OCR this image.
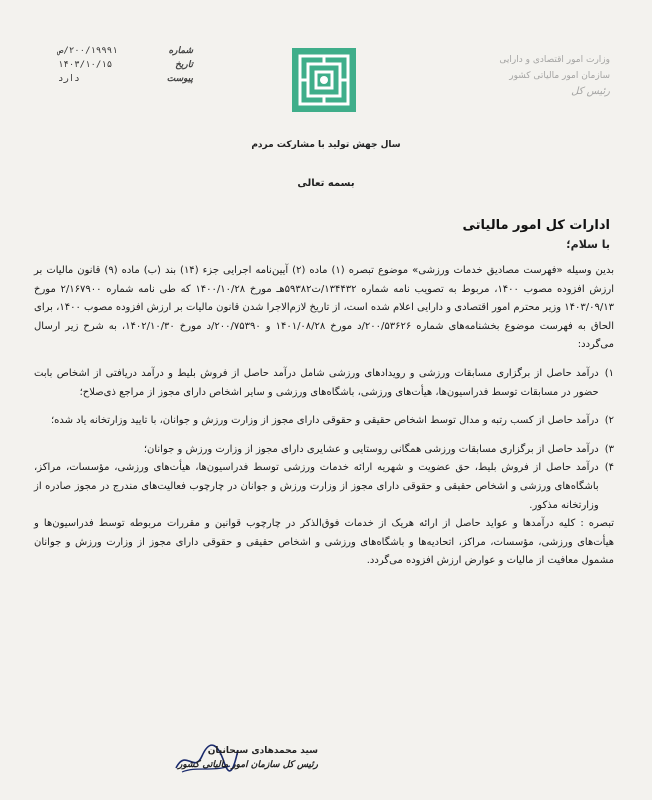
شماره
۲۰۰/۱۹۹۹۱/ص
تاریخ
۱۴۰۳/۱۰/۱۵
پیوست
دارد
وزارت امور اقتصادی و دارایی
سازمان امور مالیاتی کشور
رئیس کل
سال جهش تولید با مشارکت مردم
بسمه تعالی
ادارات کل امور مالیاتی
با سلام؛

بدین وسیله «فهرست مصادیق خدمات ورزشی» موضوع تبصره (۱) ماده (۲) آیین‌نامه اجرایی جزء (۱۴) بند (ب) ماده (۹) قانون مالیات بر ارزش افزوده مصوب ۱۴۰۰، مربوط به تصویب نامه شماره ۱۳۴۴۳۲/ت۵۹۳۸۲هـ مورخ ۱۴۰۰/۱۰/۲۸ که طی نامه شماره ۲/۱۶۷۹۰۰ مورخ ۱۴۰۳/۰۹/۱۳ وزیر محترم امور اقتصادی و دارایی اعلام شده است، از تاریخ لازم‌الاجرا شدن قانون مالیات بر ارزش افزوده مصوب ۱۴۰۰، برای الحاق به فهرست موضوع بخشنامه‌های شماره ۲۰۰/۵۳۶۲۶/د مورخ ۱۴۰۱/۰۸/۲۸ و ۲۰۰/۷۵۳۹۰/د مورخ ۱۴۰۲/۱۰/۳۰، به شرح زیر ارسال می‌گردد:

۱)
درآمد حاصل از برگزاری مسابقات ورزشی و رویدادهای ورزشی شامل درآمد حاصل از فروش بلیط و درآمد دریافتی از اشخاص بابت حضور در مسابقات توسط فدراسیون‌ها، هیأت‌های ورزشی، باشگاه‌های ورزشی و سایر اشخاص دارای مجوز از مراجع ذی‌صلاح؛
۲)
درآمد حاصل از کسب رتبه و مدال توسط اشخاص حقیقی و حقوقی دارای مجوز از وزارت ورزش و جوانان، با تایید وزارتخانه یاد شده؛
۳)
درآمد حاصل از برگزاری مسابقات ورزشی همگانی روستایی و عشایری دارای مجوز از وزارت ورزش و جوانان؛
۴)
درآمد حاصل از فروش بلیط، حق عضویت و شهریه ارائه خدمات ورزشی توسط فدراسیون‌ها، هیأت‌های ورزشی، مؤسسات، مراکز، باشگاه‌های ورزشی و اشخاص حقیقی و حقوقی دارای مجوز از وزارت ورزش و جوانان در چارچوب فعالیت‌های مندرج در مجوز صادره از وزارتخانه مذکور.

تبصره : کلیه درآمدها و عواید حاصل از ارائه هریک از خدمات فوق‌الذکر در چارچوب قوانین و مقررات مربوطه توسط فدراسیون‌ها و هیأت‌های ورزشی، مؤسسات، مراکز، اتحادیه‌ها و باشگاه‌های ورزشی و اشخاص حقیقی و حقوقی دارای مجوز از وزارت ورزش و جوانان مشمول معافیت از مالیات و عوارض ارزش افزوده می‌گردد.

سید محمدهادی سبحانیان
رئیس کل سازمان امور مالیاتی کشور
